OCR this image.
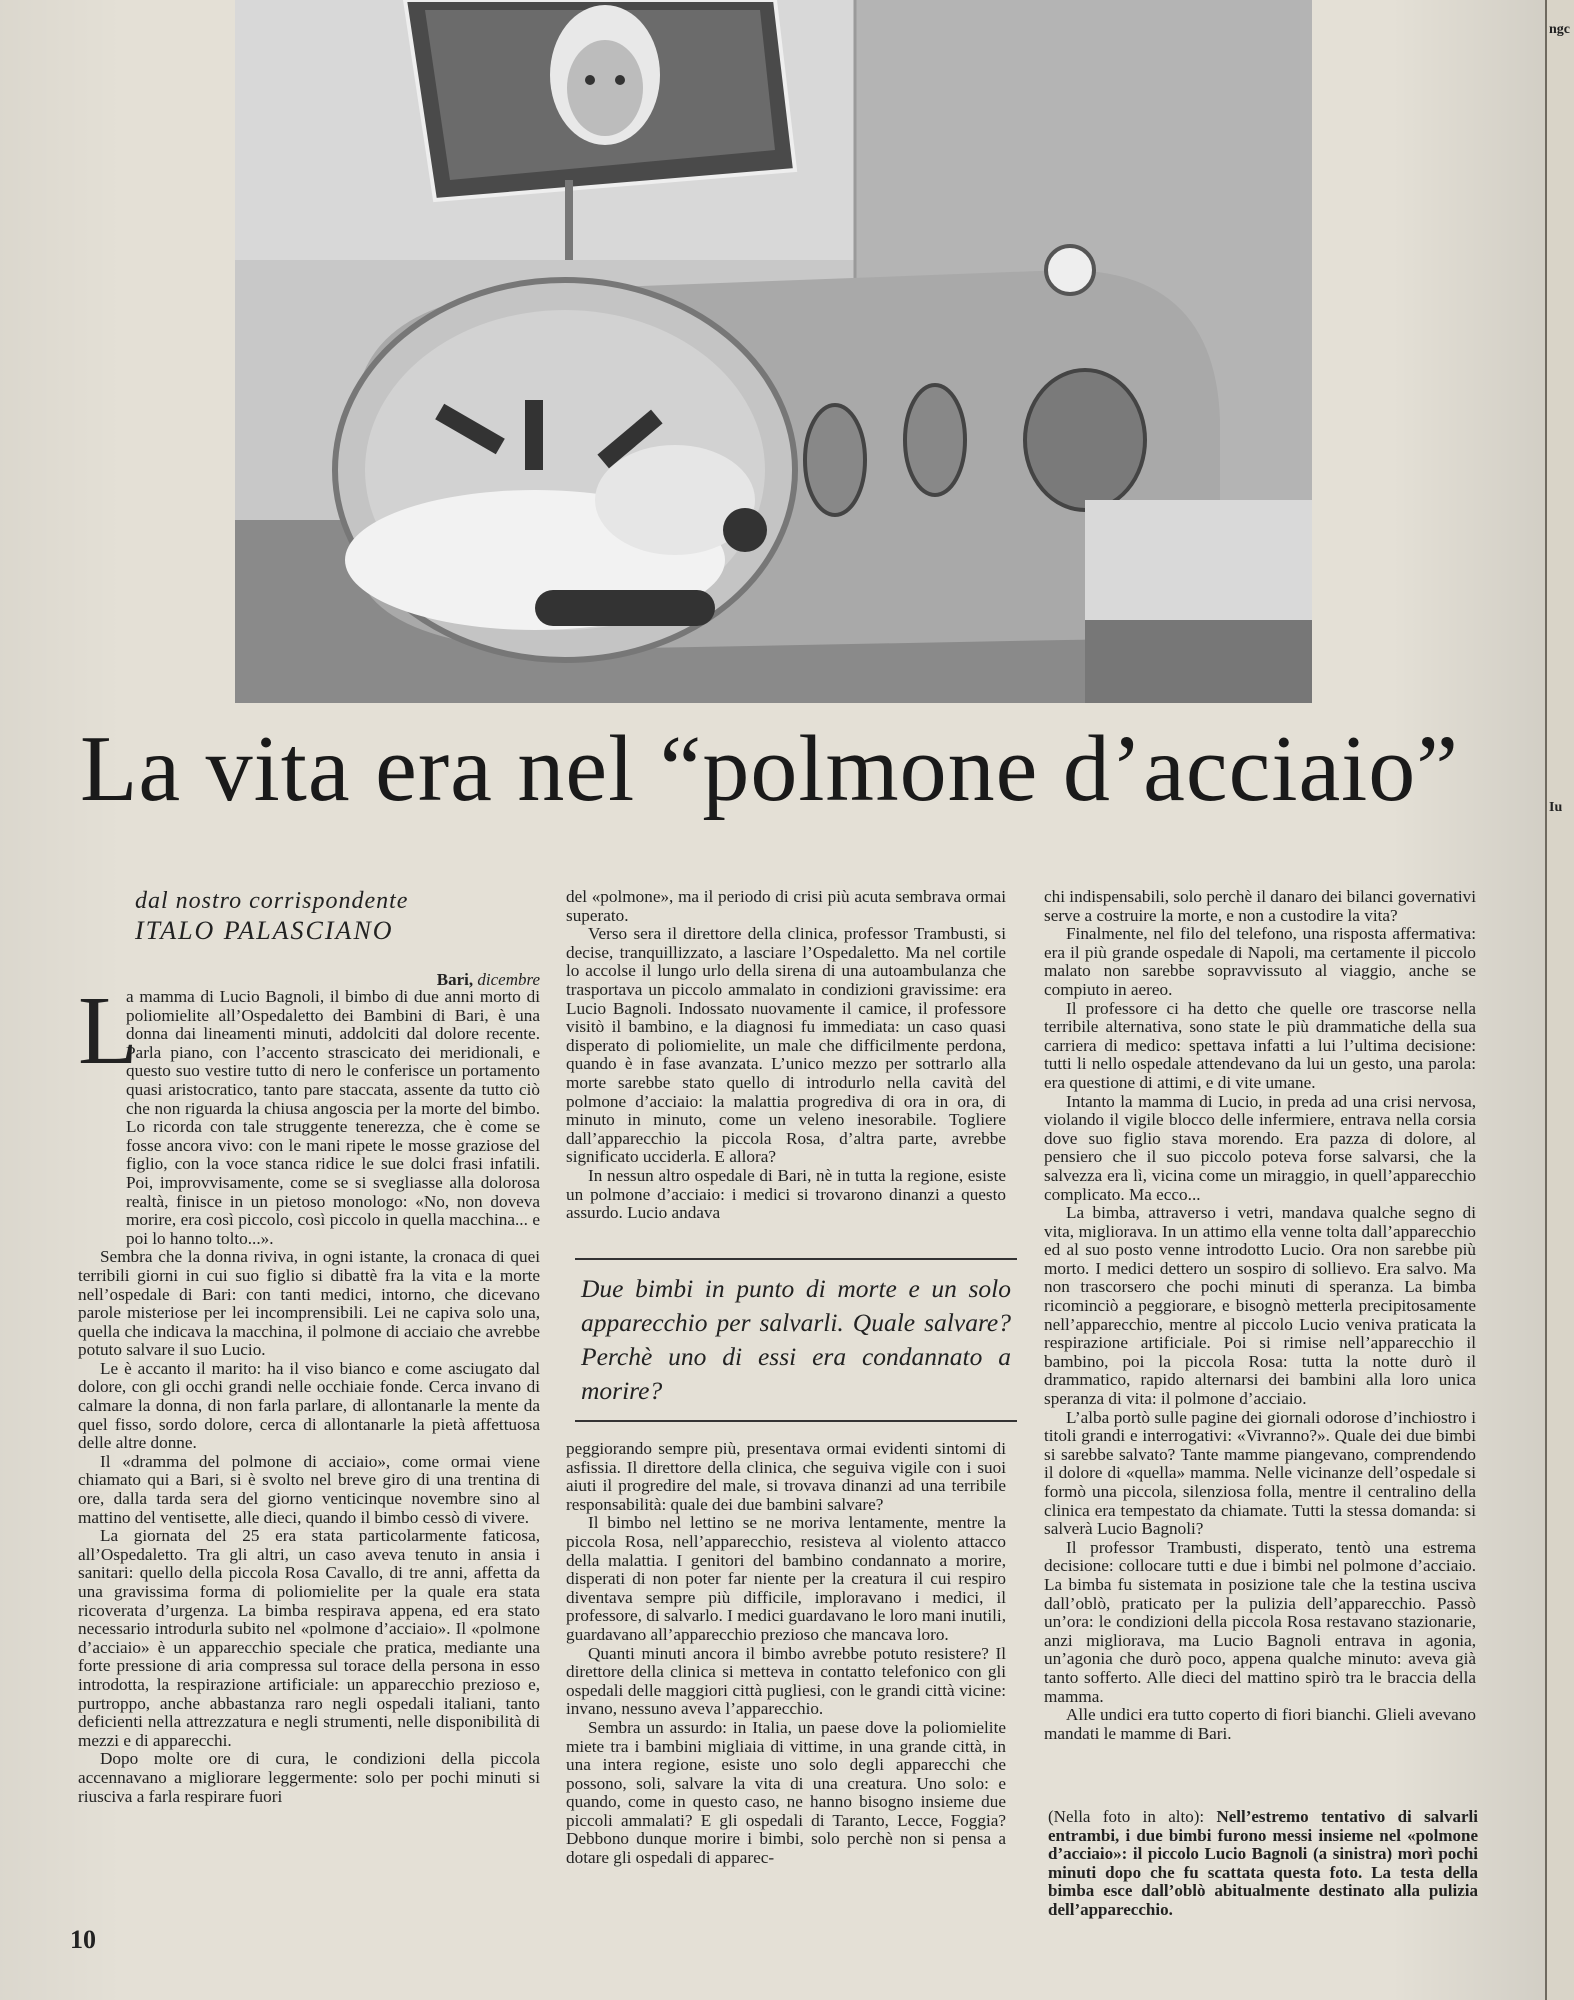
La vita era nel “polmone d’acciaio”
dal nostro corrispondente
ITALO PALASCIANO
Bari, dicembre
L

a mamma di Lucio Bagnoli, il bimbo di due anni morto di poliomielite all’Ospedaletto dei Bambini di Bari, è una donna dai lineamenti minuti, addolciti dal dolore recente. Parla piano, con l’accento strascicato dei meridionali, e questo suo vestire tutto di nero le conferisce un portamento quasi aristocratico, tanto pare staccata, assente da tutto ciò che non riguarda la chiusa angoscia per la morte del bimbo. Lo ricorda con tale struggente tenerezza, che è come se fosse ancora vivo: con le mani ripete le mosse graziose del figlio, con la voce stanca ridice le sue dolci frasi infatili. Poi, improvvisamente, come se si svegliasse alla dolorosa realtà, finisce in un pietoso monologo: «No, non doveva morire, era così piccolo, così piccolo in quella macchina... e poi lo hanno tolto...».

Sembra che la donna riviva, in ogni istante, la cronaca di quei terribili giorni in cui suo figlio si dibattè fra la vita e la morte nell’ospedale di Bari: con tanti medici, intorno, che dicevano parole misteriose per lei incomprensibili. Lei ne capiva solo una, quella che indicava la macchina, il polmone di acciaio che avrebbe potuto salvare il suo Lucio.

Le è accanto il marito: ha il viso bianco e come asciugato dal dolore, con gli occhi grandi nelle occhiaie fonde. Cerca invano di calmare la donna, di non farla parlare, di allontanarle la mente da quel fisso, sordo dolore, cerca di allontanarle la pietà affettuosa delle altre donne.

Il «dramma del polmone di acciaio», come ormai viene chiamato qui a Bari, si è svolto nel breve giro di una trentina di ore, dalla tarda sera del giorno venticinque novembre sino al mattino del ventisette, alle dieci, quando il bimbo cessò di vivere.

La giornata del 25 era stata particolarmente faticosa, all’Ospedaletto. Tra gli altri, un caso aveva tenuto in ansia i sanitari: quello della piccola Rosa Cavallo, di tre anni, affetta da una gravissima forma di poliomielite per la quale era stata ricoverata d’urgenza. La bimba respirava appena, ed era stato necessario introdurla subito nel «polmone d’acciaio». Il «polmone d’acciaio» è un apparecchio speciale che pratica, mediante una forte pressione di aria compressa sul torace della persona in esso introdotta, la respirazione artificiale: un apparecchio prezioso e, purtroppo, anche abbastanza raro negli ospedali italiani, tanto deficienti nella attrezzatura e negli strumenti, nelle disponibilità di mezzi e di apparecchi.

Dopo molte ore di cura, le condizioni della piccola accennavano a migliorare leggermente: solo per pochi minuti si riusciva a farla respirare fuori

del «polmone», ma il periodo di crisi più acuta sembrava ormai superato.

Verso sera il direttore della clinica, professor Trambusti, si decise, tranquillizzato, a lasciare l’Ospedaletto. Ma nel cortile lo accolse il lungo urlo della sirena di una autoambulanza che trasportava un piccolo ammalato in condizioni gravissime: era Lucio Bagnoli. Indossato nuovamente il camice, il professore visitò il bambino, e la diagnosi fu immediata: un caso quasi disperato di poliomielite, un male che difficilmente perdona, quando è in fase avanzata. L’unico mezzo per sottrarlo alla morte sarebbe stato quello di introdurlo nella cavità del polmone d’acciaio: la malattia progrediva di ora in ora, di minuto in minuto, come un veleno inesorabile. Togliere dall’apparecchio la piccola Rosa, d’altra parte, avrebbe significato ucciderla. E allora?

In nessun altro ospedale di Bari, nè in tutta la regione, esiste un polmone d’acciaio: i medici si trovarono dinanzi a questo assurdo. Lucio andava

Due bimbi in punto di morte e un solo apparecchio per salvarli. Quale salvare? Perchè uno di essi era condannato a morire?

peggiorando sempre più, presentava ormai evidenti sintomi di asfissia. Il direttore della clinica, che seguiva vigile con i suoi aiuti il progredire del male, si trovava dinanzi ad una terribile responsabilità: quale dei due bambini salvare?

Il bimbo nel lettino se ne moriva lentamente, mentre la piccola Rosa, nell’apparecchio, resisteva al violento attacco della malattia. I genitori del bambino condannato a morire, disperati di non poter far niente per la creatura il cui respiro diventava sempre più difficile, imploravano i medici, il professore, di salvarlo. I medici guardavano le loro mani inutili, guardavano all’apparecchio prezioso che mancava loro.

Quanti minuti ancora il bimbo avrebbe potuto resistere? Il direttore della clinica si metteva in contatto telefonico con gli ospedali delle maggiori città pugliesi, con le grandi città vicine: invano, nessuno aveva l’apparecchio.

Sembra un assurdo: in Italia, un paese dove la poliomielite miete tra i bambini migliaia di vittime, in una grande città, in una intera regione, esiste uno solo degli apparecchi che possono, soli, salvare la vita di una creatura. Uno solo: e quando, come in questo caso, ne hanno bisogno insieme due piccoli ammalati? E gli ospedali di Taranto, Lecce, Foggia? Debbono dunque morire i bimbi, solo perchè non si pensa a dotare gli ospedali di apparec-

chi indispensabili, solo perchè il danaro dei bilanci governativi serve a costruire la morte, e non a custodire la vita?

Finalmente, nel filo del telefono, una risposta affermativa: era il più grande ospedale di Napoli, ma certamente il piccolo malato non sarebbe sopravvissuto al viaggio, anche se compiuto in aereo.

Il professore ci ha detto che quelle ore trascorse nella terribile alternativa, sono state le più drammatiche della sua carriera di medico: spettava infatti a lui l’ultima decisione: tutti li nello ospedale attendevano da lui un gesto, una parola: era questione di attimi, e di vite umane.

Intanto la mamma di Lucio, in preda ad una crisi nervosa, violando il vigile blocco delle infermiere, entrava nella corsia dove suo figlio stava morendo. Era pazza di dolore, al pensiero che il suo piccolo poteva forse salvarsi, che la salvezza era lì, vicina come un miraggio, in quell’apparecchio complicato. Ma ecco...

La bimba, attraverso i vetri, mandava qualche segno di vita, migliorava. In un attimo ella venne tolta dall’apparecchio ed al suo posto venne introdotto Lucio. Ora non sarebbe più morto. I medici dettero un sospiro di sollievo. Era salvo. Ma non trascorsero che pochi minuti di speranza. La bimba ricominciò a peggiorare, e bisognò metterla precipitosamente nell’apparecchio, mentre al piccolo Lucio veniva praticata la respirazione artificiale. Poi si rimise nell’apparecchio il bambino, poi la piccola Rosa: tutta la notte durò il drammatico, rapido alternarsi dei bambini alla loro unica speranza di vita: il polmone d’acciaio.

L’alba portò sulle pagine dei giornali odorose d’inchiostro i titoli grandi e interrogativi: «Vivranno?». Quale dei due bimbi si sarebbe salvato? Tante mamme piangevano, comprendendo il dolore di «quella» mamma. Nelle vicinanze dell’ospedale si formò una piccola, silenziosa folla, mentre il centralino della clinica era tempestato da chiamate. Tutti la stessa domanda: si salverà Lucio Bagnoli?

Il professor Trambusti, disperato, tentò una estrema decisione: collocare tutti e due i bimbi nel polmone d’acciaio. La bimba fu sistemata in posizione tale che la testina usciva dall’oblò, praticato per la pulizia dell’apparecchio. Passò un’ora: le condizioni della piccola Rosa restavano stazionarie, anzi miglioravа, ma Lucio Bagnoli entrava in agonia, un’agonia che durò poco, appena qualche minuto: aveva già tanto sofferto. Alle dieci del mattino spirò tra le braccia della mamma.

Alle undici era tutto coperto di fiori bianchi. Glieli avevano mandati le mamme di Bari.

(Nella foto in alto): Nell’estremo tentativo di salvarli entrambi, i due bimbi furono messi insieme nel «polmone d’acciaio»: il piccolo Lucio Bagnoli (a sinistra) morì pochi minuti dopo che fu scattata questa foto. La testa della bimba esce dall’oblò abitualmente destinato alla pulizia dell’apparecchio.
10
ngc
Iu
